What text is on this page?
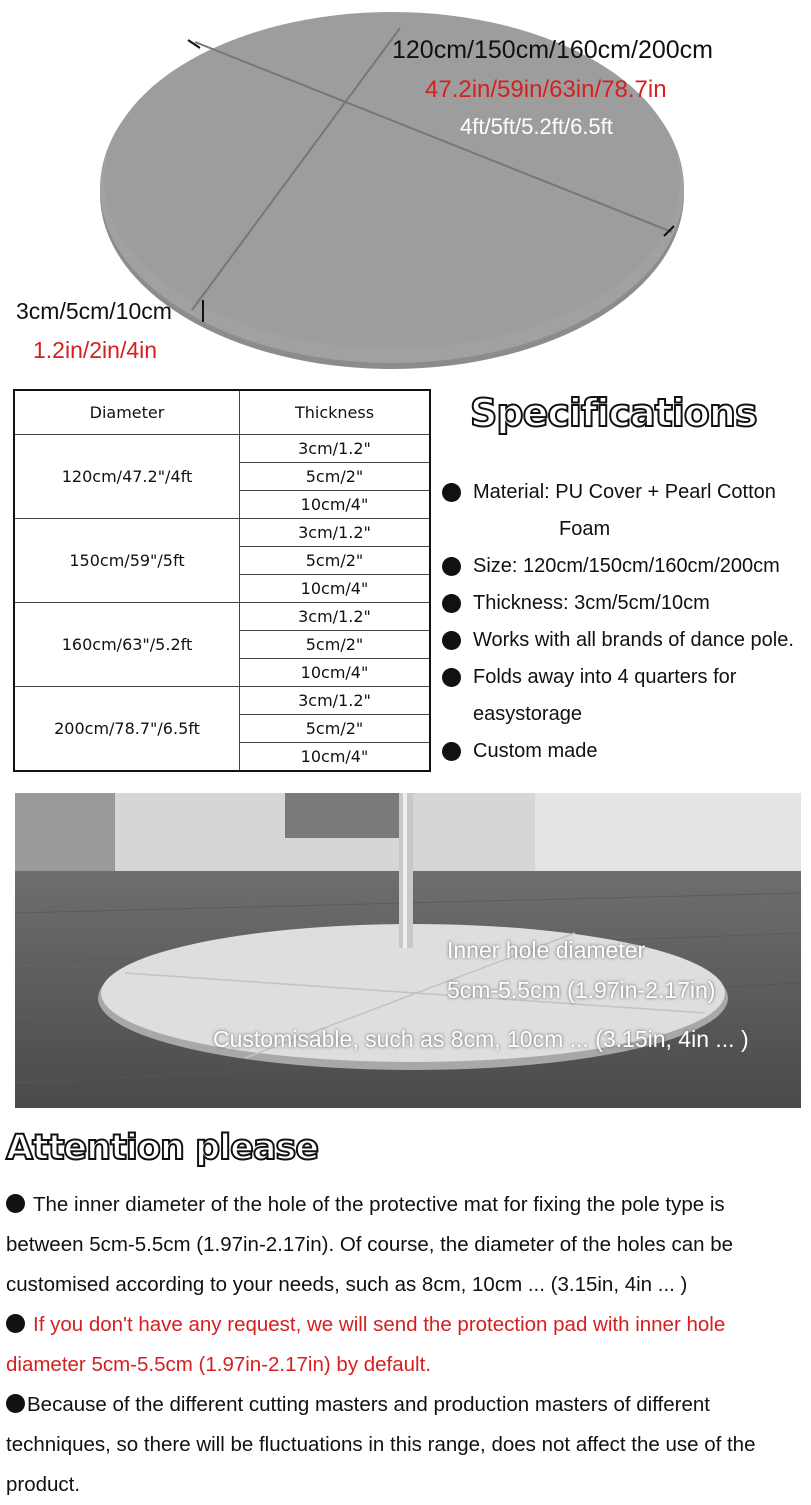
120cm/150cm/160cm/200cm
47.2in/59in/63in/78.7in
4ft/5ft/5.2ft/6.5ft
3cm/5cm/10cm
1.2in/2in/4in
Diameter	Thickness
120cm/47.2"/4ft	3cm/1.2"
	5cm/2"
	10cm/4"
150cm/59"/5ft	3cm/1.2"
	5cm/2"
	10cm/4"
160cm/63"/5.2ft	3cm/1.2"
	5cm/2"
	10cm/4"
200cm/78.7"/6.5ft	3cm/1.2"
	5cm/2"
	10cm/4"
Specifications
Material: PU Cover + Pearl Cotton
Foam
Size: 120cm/150cm/160cm/200cm
Thickness: 3cm/5cm/10cm
Works with all brands of dance pole.
Folds away into 4 quarters for
easystorage
Custom made
Inner hole diameter
5cm-5.5cm (1.97in-2.17in)
Customisable, such as 8cm, 10cm ... (3.15in, 4in ... )
Attention please

The inner diameter of the hole of the protective mat for fixing the pole type is between 5cm-5.5cm (1.97in-2.17in). Of course, the diameter of the holes can be customised according to your needs, such as 8cm, 10cm ... (3.15in, 4in ... )

If you don't have any request, we will send the protection pad with inner hole diameter 5cm-5.5cm (1.97in-2.17in) by default.

Because of the different cutting masters and production masters of different techniques, so there will be fluctuations in this range, does not affect the use of the product.
